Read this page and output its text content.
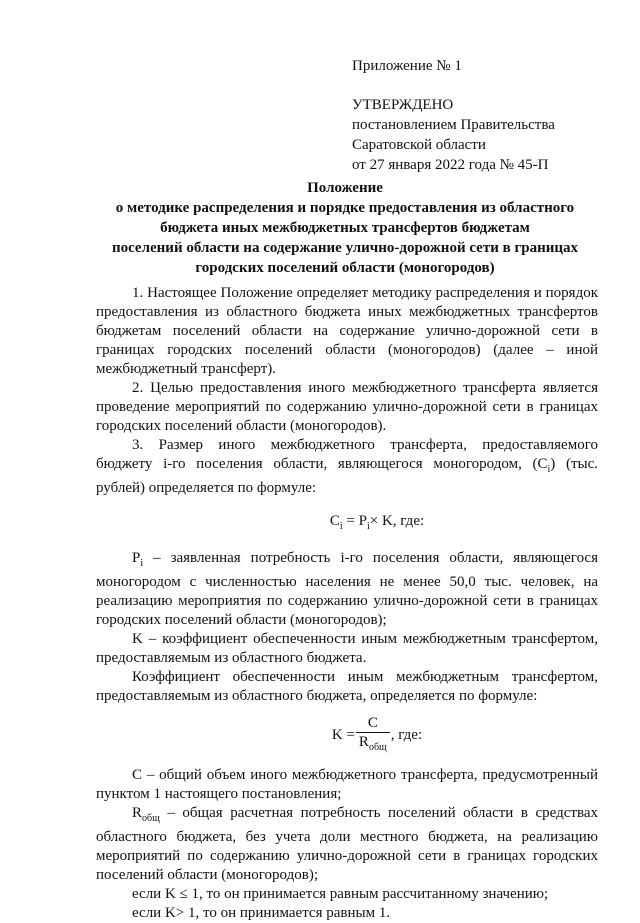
Приложение № 1
УТВЕРЖДЕНО
постановлением Правительства
Саратовской области
от 27 января 2022 года № 45-П
Положение
о методике распределения и порядке предоставления из областного
бюджета иных межбюджетных трансфертов бюджетам
поселений области на содержание улично-дорожной сети в границах
городских поселений области (моногородов)

1. Настоящее Положение определяет методику распределения и порядок предоставления из областного бюджета иных межбюджетных трансфертов бюджетам поселений области на содержание улично-дорожной сети в границах городских поселений области (моногородов) (далее – иной межбюджетный трансферт).

2. Целью предоставления иного межбюджетного трансферта является проведение мероприятий по содержанию улично-дорожной сети в границах городских поселений области (моногородов).

3. Размер иного межбюджетного трансферта, предоставляемого бюджету i-го поселения области, являющегося моногородом, $(C_i)$ (тыс. рублей) определяется по формуле:

$C_i = P_i\times K$, где:

$P_i$ – заявленная потребность i-го поселения области, являющегося моногородом с численностью населения не менее 50,0 тыс. человек, на реализацию мероприятия по содержанию улично-дорожной сети в границах городских поселений области (моногородов);

K – коэффициент обеспеченности иным межбюджетным трансфертом, предоставляемым из областного бюджета.

Коэффициент обеспеченности иным межбюджетным трансфертом, предоставляемым из областного бюджета, определяется по формуле:

$K = \frac{C}{R_{общ}}$ , где:

C – общий объем иного межбюджетного трансферта, предусмотренный пунктом 1 настоящего постановления;

$R_{общ}$ – общая расчетная потребность поселений области в средствах областного бюджета, без учета доли местного бюджета, на реализацию мероприятий по содержанию улично-дорожной сети в границах городских поселений области (моногородов);

если K ≤ 1, то он принимается равным рассчитанному значению;

если K> 1, то он принимается равным 1.
